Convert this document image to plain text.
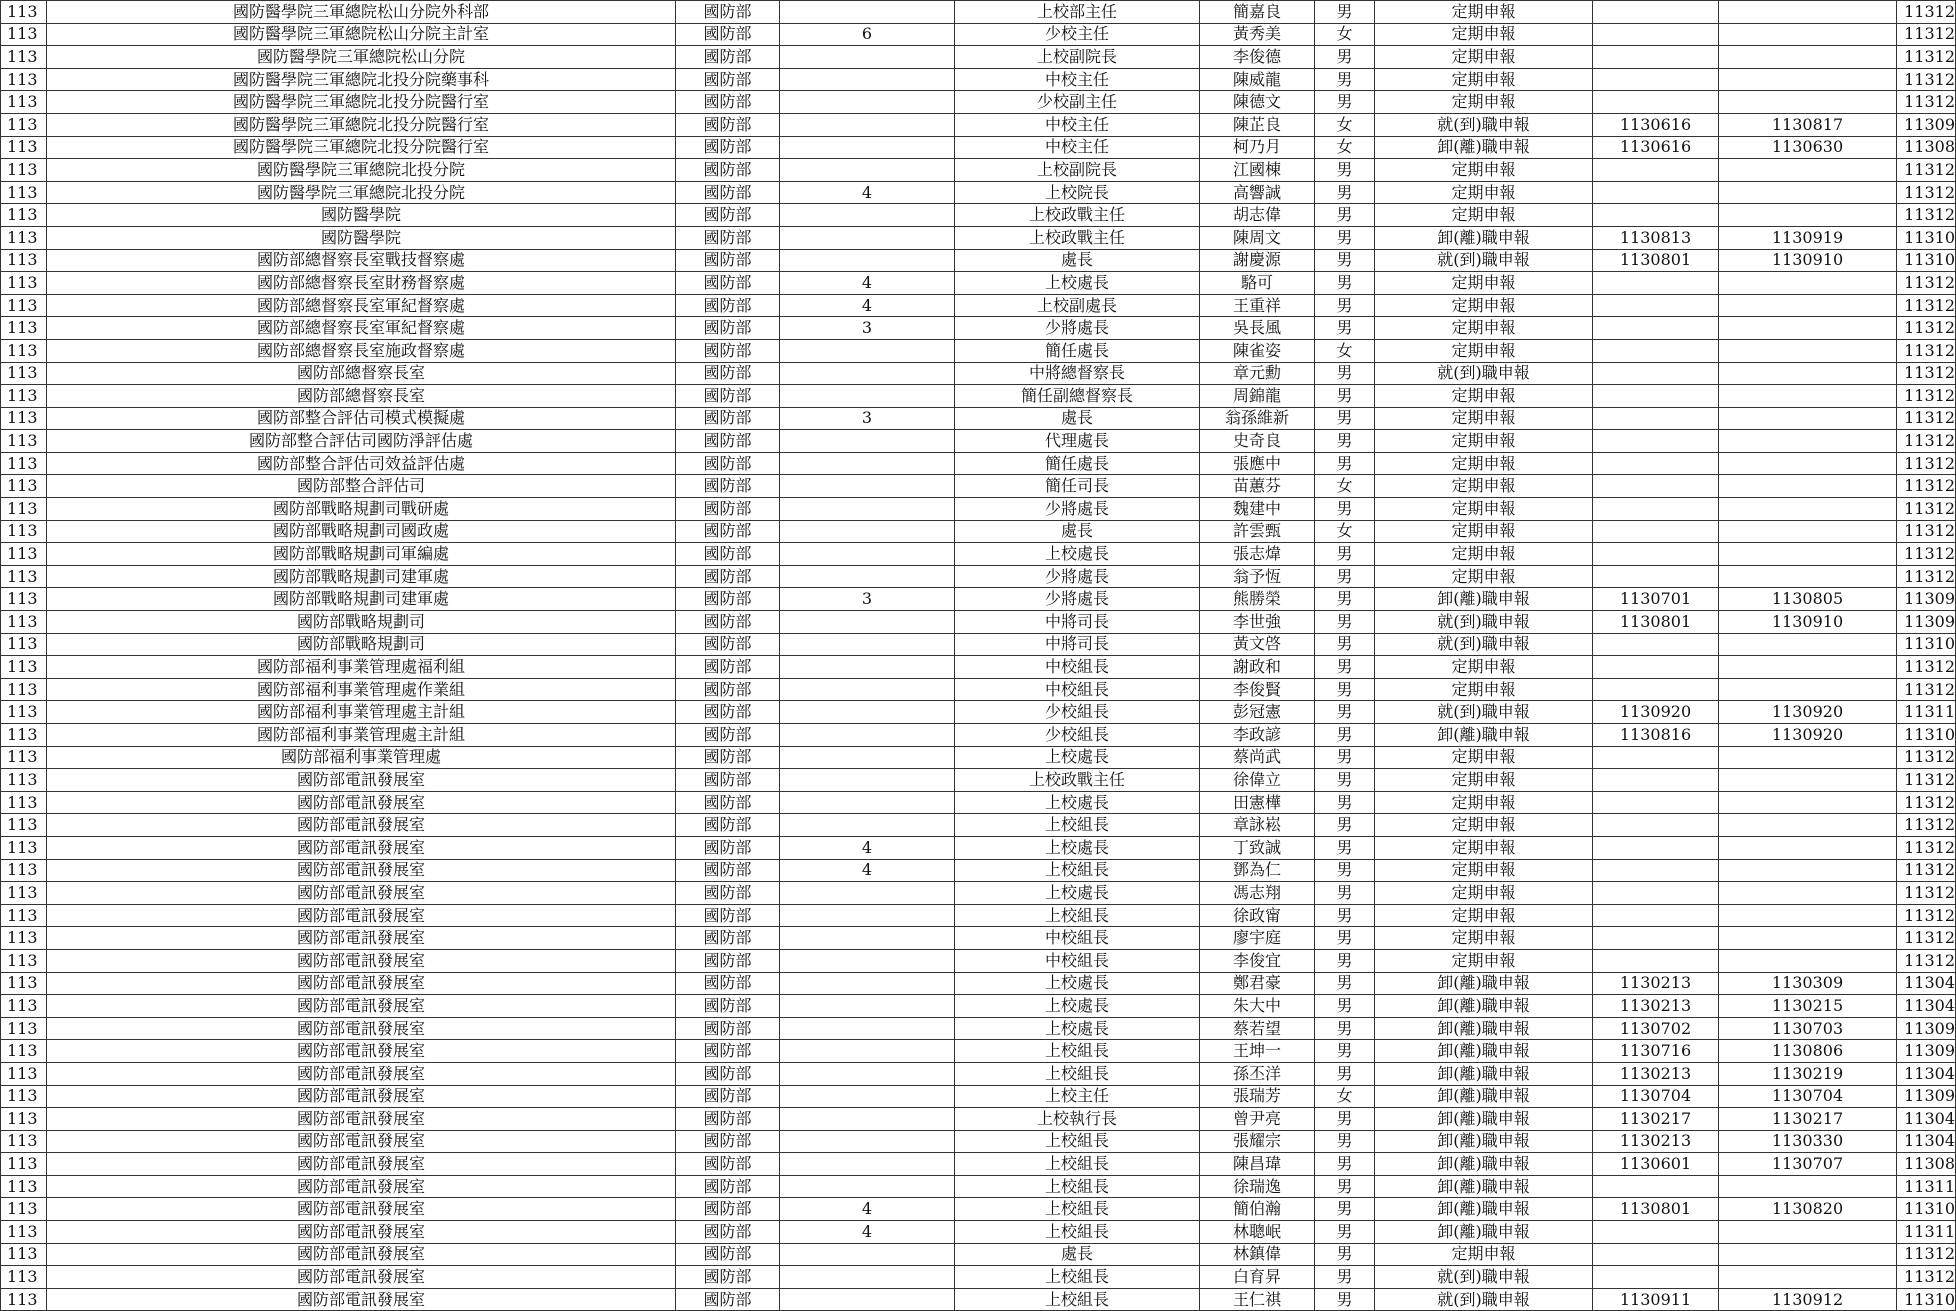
113	國防醫學院三軍總院松山分院外科部	國防部		上校部主任	簡嘉良	男	定期申報			11312
113	國防醫學院三軍總院松山分院主計室	國防部	6	少校主任	黃秀美	女	定期申報			11312
113	國防醫學院三軍總院松山分院	國防部		上校副院長	李俊德	男	定期申報			11312
113	國防醫學院三軍總院北投分院藥事科	國防部		中校主任	陳威龍	男	定期申報			11312
113	國防醫學院三軍總院北投分院醫行室	國防部		少校副主任	陳德文	男	定期申報			11312
113	國防醫學院三軍總院北投分院醫行室	國防部		中校主任	陳芷良	女	就(到)職申報	1130616	1130817	11309
113	國防醫學院三軍總院北投分院醫行室	國防部		中校主任	柯乃月	女	卸(離)職申報	1130616	1130630	11308
113	國防醫學院三軍總院北投分院	國防部		上校副院長	江國棟	男	定期申報			11312
113	國防醫學院三軍總院北投分院	國防部	4	上校院長	高響誠	男	定期申報			11312
113	國防醫學院	國防部		上校政戰主任	胡志偉	男	定期申報			11312
113	國防醫學院	國防部		上校政戰主任	陳周文	男	卸(離)職申報	1130813	1130919	11310
113	國防部總督察長室戰技督察處	國防部		處長	謝慶源	男	就(到)職申報	1130801	1130910	11310
113	國防部總督察長室財務督察處	國防部	4	上校處長	駱可	男	定期申報			11312
113	國防部總督察長室軍紀督察處	國防部	4	上校副處長	王重祥	男	定期申報			11312
113	國防部總督察長室軍紀督察處	國防部	3	少將處長	吳長風	男	定期申報			11312
113	國防部總督察長室施政督察處	國防部		簡任處長	陳雀姿	女	定期申報			11312
113	國防部總督察長室	國防部		中將總督察長	章元勳	男	就(到)職申報			11312
113	國防部總督察長室	國防部		簡任副總督察長	周錦龍	男	定期申報			11312
113	國防部整合評估司模式模擬處	國防部	3	處長	翁孫維新	男	定期申報			11312
113	國防部整合評估司國防淨評估處	國防部		代理處長	史奇良	男	定期申報			11312
113	國防部整合評估司效益評估處	國防部		簡任處長	張應中	男	定期申報			11312
113	國防部整合評估司	國防部		簡任司長	苗蕙芬	女	定期申報			11312
113	國防部戰略規劃司戰研處	國防部		少將處長	魏建中	男	定期申報			11312
113	國防部戰略規劃司國政處	國防部		處長	許雲甄	女	定期申報			11312
113	國防部戰略規劃司軍編處	國防部		上校處長	張志煒	男	定期申報			11312
113	國防部戰略規劃司建軍處	國防部		少將處長	翁予恆	男	定期申報			11312
113	國防部戰略規劃司建軍處	國防部	3	少將處長	熊勝榮	男	卸(離)職申報	1130701	1130805	11309
113	國防部戰略規劃司	國防部		中將司長	李世強	男	就(到)職申報	1130801	1130910	11309
113	國防部戰略規劃司	國防部		中將司長	黃文啓	男	就(到)職申報			11310
113	國防部福利事業管理處福利組	國防部		中校組長	謝政和	男	定期申報			11312
113	國防部福利事業管理處作業組	國防部		中校組長	李俊賢	男	定期申報			11312
113	國防部福利事業管理處主計組	國防部		少校組長	彭冠憲	男	就(到)職申報	1130920	1130920	11311
113	國防部福利事業管理處主計組	國防部		少校組長	李政諺	男	卸(離)職申報	1130816	1130920	11310
113	國防部福利事業管理處	國防部		上校處長	蔡尚武	男	定期申報			11312
113	國防部電訊發展室	國防部		上校政戰主任	徐偉立	男	定期申報			11312
113	國防部電訊發展室	國防部		上校處長	田憲樺	男	定期申報			11312
113	國防部電訊發展室	國防部		上校組長	章詠崧	男	定期申報			11312
113	國防部電訊發展室	國防部	4	上校處長	丁致誠	男	定期申報			11312
113	國防部電訊發展室	國防部	4	上校組長	鄧為仁	男	定期申報			11312
113	國防部電訊發展室	國防部		上校處長	馮志翔	男	定期申報			11312
113	國防部電訊發展室	國防部		上校組長	徐政甯	男	定期申報			11312
113	國防部電訊發展室	國防部		中校組長	廖宇庭	男	定期申報			11312
113	國防部電訊發展室	國防部		中校組長	李俊宜	男	定期申報			11312
113	國防部電訊發展室	國防部		上校處長	鄭君豪	男	卸(離)職申報	1130213	1130309	11304
113	國防部電訊發展室	國防部		上校處長	朱大中	男	卸(離)職申報	1130213	1130215	11304
113	國防部電訊發展室	國防部		上校處長	蔡若望	男	卸(離)職申報	1130702	1130703	11309
113	國防部電訊發展室	國防部		上校組長	王坤一	男	卸(離)職申報	1130716	1130806	11309
113	國防部電訊發展室	國防部		上校組長	孫丕洋	男	卸(離)職申報	1130213	1130219	11304
113	國防部電訊發展室	國防部		上校主任	張瑞芳	女	卸(離)職申報	1130704	1130704	11309
113	國防部電訊發展室	國防部		上校執行長	曾尹亮	男	卸(離)職申報	1130217	1130217	11304
113	國防部電訊發展室	國防部		上校組長	張耀宗	男	卸(離)職申報	1130213	1130330	11304
113	國防部電訊發展室	國防部		上校組長	陳昌瑋	男	卸(離)職申報	1130601	1130707	11308
113	國防部電訊發展室	國防部		上校組長	徐瑞逸	男	卸(離)職申報			11311
113	國防部電訊發展室	國防部	4	上校組長	簡伯瀚	男	卸(離)職申報	1130801	1130820	11310
113	國防部電訊發展室	國防部	4	上校組長	林聰岷	男	卸(離)職申報			11311
113	國防部電訊發展室	國防部		處長	林鎮偉	男	定期申報			11312
113	國防部電訊發展室	國防部		上校組長	白育昇	男	就(到)職申報			11312
113	國防部電訊發展室	國防部		上校組長	王仁祺	男	就(到)職申報	1130911	1130912	11310
